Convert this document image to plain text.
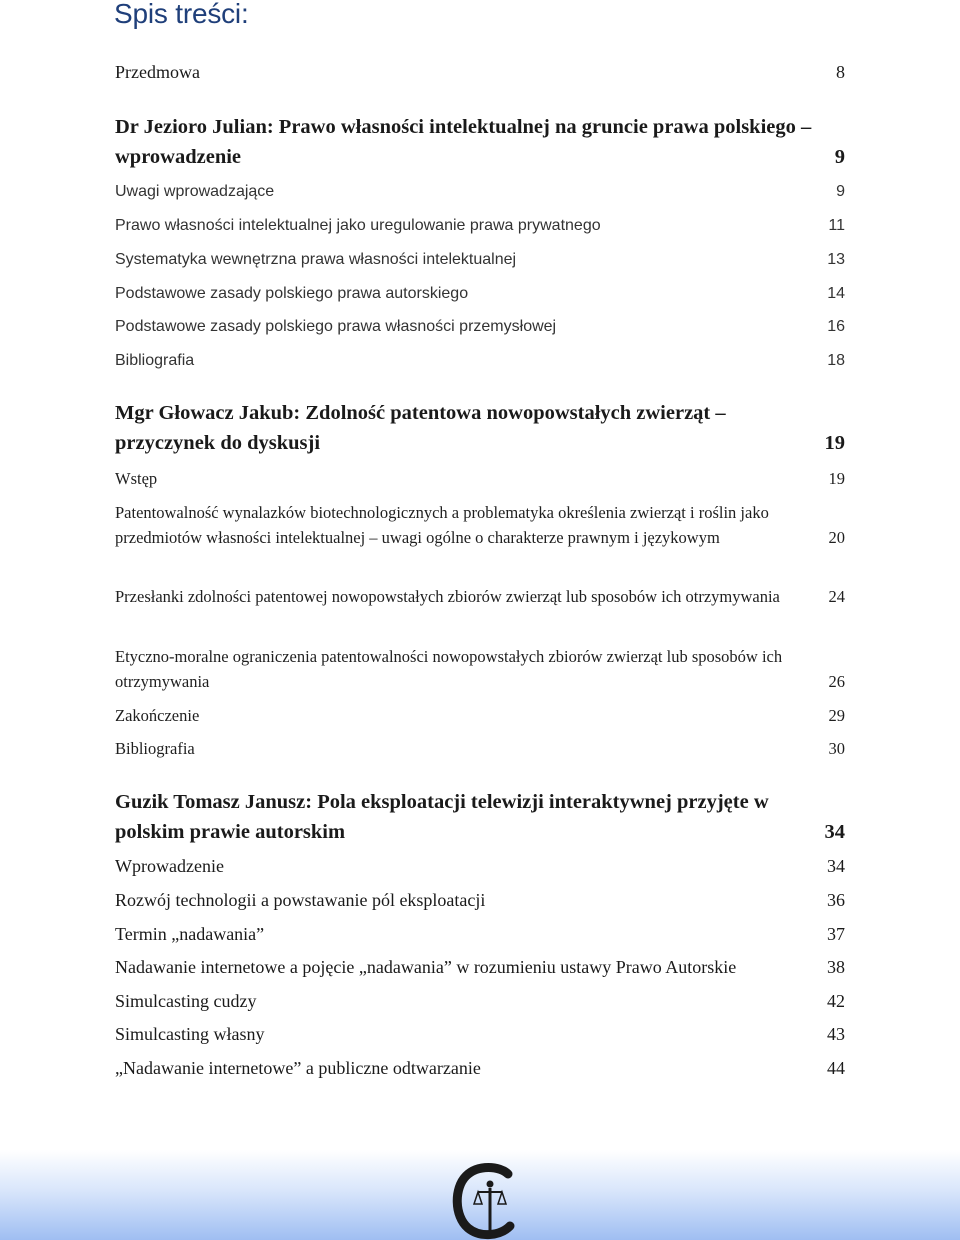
Spis treści:
Przedmowa	8
Dr Jezioro Julian: Prawo własności intelektualnej na gruncie prawa polskiego – wprowadzenie	9
Uwagi wprowadzające	9
Prawo własności intelektualnej jako uregulowanie prawa prywatnego	11
Systematyka wewnętrzna prawa własności intelektualnej	13
Podstawowe zasady polskiego prawa autorskiego	14
Podstawowe zasady polskiego prawa własności przemysłowej	16
Bibliografia	18
Mgr Głowacz Jakub: Zdolność patentowa nowopowstałych zwierząt – przyczynek do dyskusji	19
Wstęp	19
Patentowalność wynalazków biotechnologicznych a problematyka określenia zwierząt i roślin jako przedmiotów własności intelektualnej – uwagi ogólne o charakterze prawnym i językowym	20
Przesłanki zdolności patentowej nowopowstałych zbiorów zwierząt lub sposobów ich otrzymywania	24
Etyczno-moralne ograniczenia patentowalności nowopowstałych zbiorów zwierząt lub sposobów ich otrzymywania	26
Zakończenie	29
Bibliografia	30
Guzik Tomasz Janusz: Pola eksploatacji telewizji interaktywnej przyjęte w polskim prawie autorskim	34
Wprowadzenie	34
Rozwój technologii a powstawanie pól eksploatacji	36
Termin „nadawania”	37
Nadawanie internetowe a pojęcie „nadawania” w rozumieniu ustawy Prawo Autorskie	38
Simulcasting cudzy	42
Simulcasting własny	43
„Nadawanie internetowe” a publiczne odtwarzanie	44
